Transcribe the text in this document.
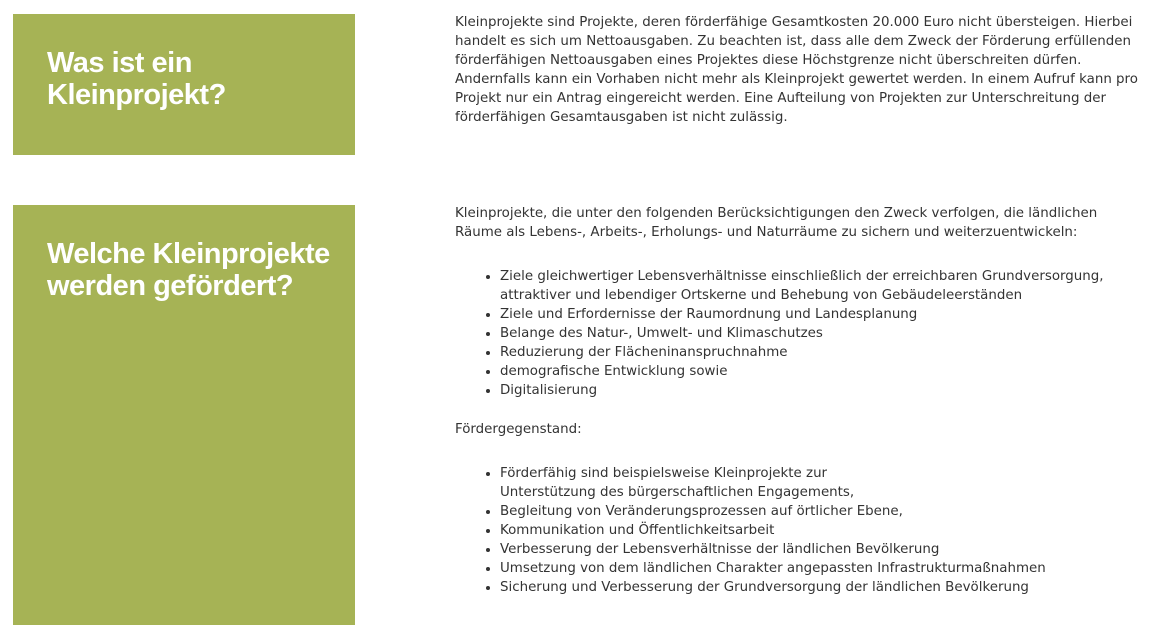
Was ist ein Kleinprojekt?

Kleinprojekte sind Projekte, deren förderfähige Gesamtkosten 20.000 Euro nicht übersteigen. Hierbei handelt es sich um Nettoausgaben. Zu beachten ist, dass alle dem Zweck der Förderung erfüllenden förderfähigen Nettoausgaben eines Projektes diese Höchstgrenze nicht überschreiten dürfen. Andernfalls kann ein Vorhaben nicht mehr als Kleinprojekt gewertet werden. In einem Aufruf kann pro Projekt nur ein Antrag eingereicht werden. Eine Aufteilung von Projekten zur Unterschreitung der förderfähigen Gesamtausgaben ist nicht zulässig.

Welche Kleinprojekte werden gefördert?

Kleinprojekte, die unter den folgenden Berücksichtigungen den Zweck verfolgen, die ländlichen Räume als Lebens-, Arbeits-, Erholungs- und Naturräume zu sichern und weiterzuentwickeln:

• Ziele gleichwertiger Lebensverhältnisse einschließlich der erreichbaren Grundversorgung, attraktiver und lebendiger Ortskerne und Behebung von Gebäudeleerständen
• Ziele und Erfordernisse der Raumordnung und Landesplanung
• Belange des Natur-, Umwelt- und Klimaschutzes
• Reduzierung der Flächeninanspruchnahme
• demografische Entwicklung sowie
• Digitalisierung

Fördergegenstand:

• Förderfähig sind beispielsweise Kleinprojekte zur
Unterstützung des bürgerschaftlichen Engagements,
• Begleitung von Veränderungsprozessen auf örtlicher Ebene,
• Kommunikation und Öffentlichkeitsarbeit
• Verbesserung der Lebensverhältnisse der ländlichen Bevölkerung
• Umsetzung von dem ländlichen Charakter angepassten Infrastrukturmaßnahmen
• Sicherung und Verbesserung der Grundversorgung der ländlichen Bevölkerung
